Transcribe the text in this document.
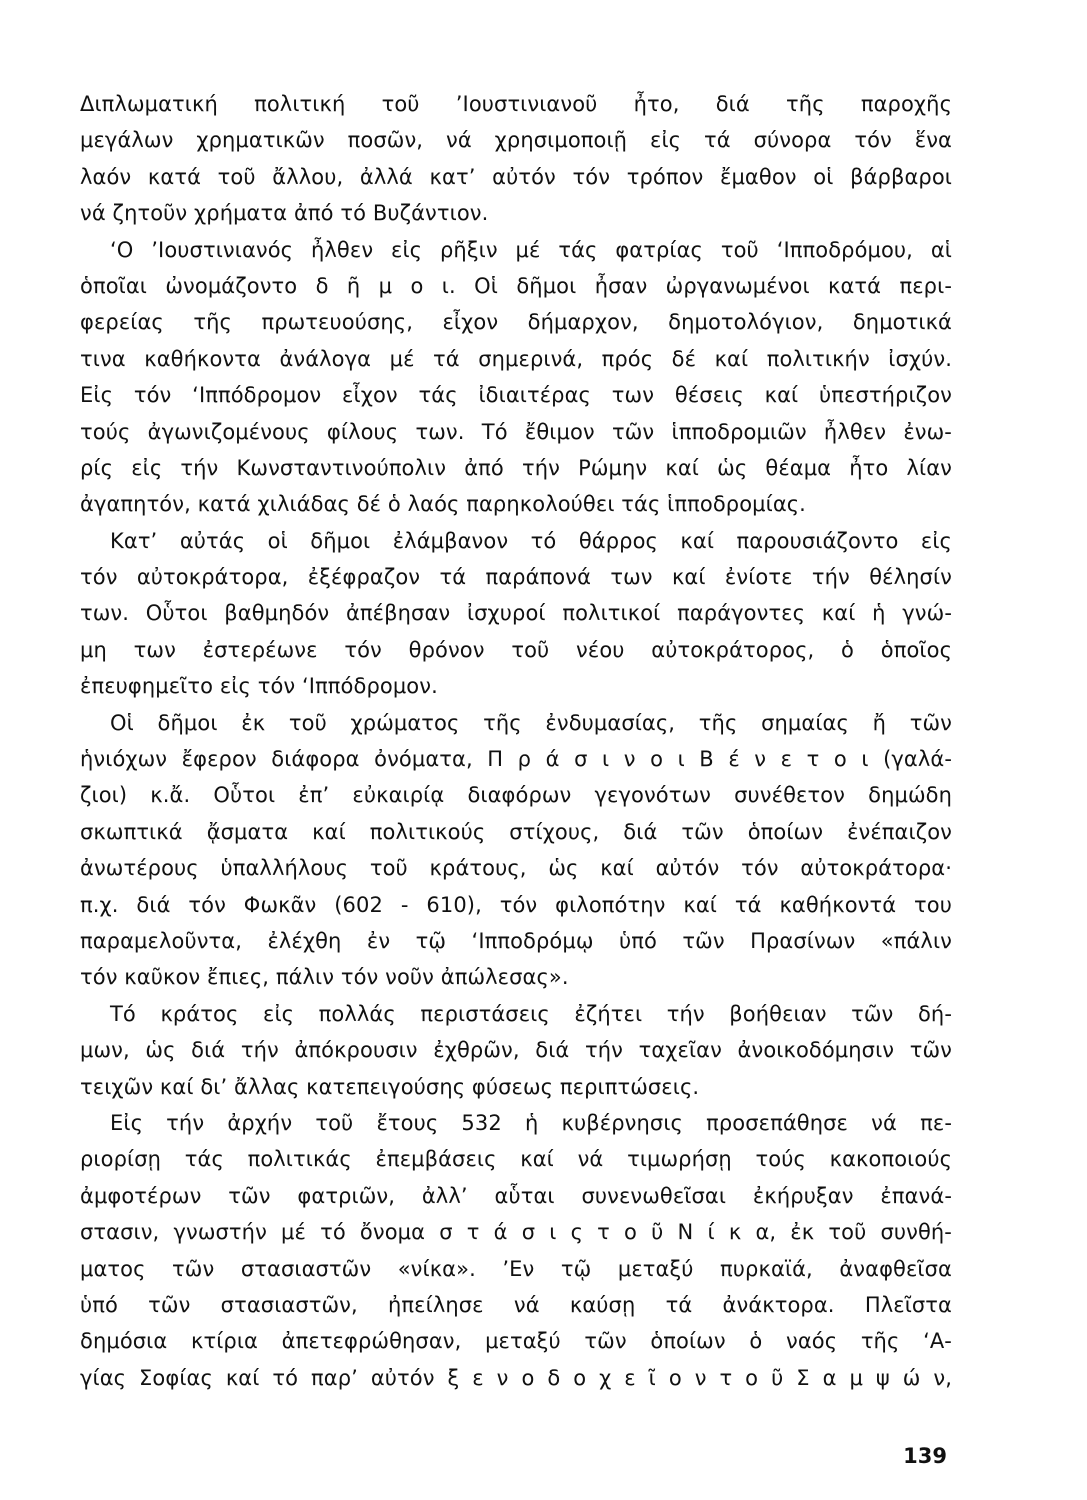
Διπλωματική πολιτική τοῦ ’Ιουστινιανοῦ ἦτο, διά τῆς παροχῆς
μεγάλων χρηματικῶν ποσῶν, νά χρησιμοποιῇ εἰς τά σύνορα τόν ἕνα
λαόν κατά τοῦ ἄλλου, ἀλλά κατ’ αὐτόν τόν τρόπον ἔμαθον οἱ βάρβαροι
νά ζητοῦν χρήματα ἀπό τό Βυζάντιον.
‘Ο ’Ιουστινιανός ἦλθεν εἰς ρῆξιν μέ τάς φατρίας τοῦ ‘Ιπποδρόμου, αἱ
ὁποῖαι ὠνομάζοντο δ ῆ μ ο ι. Οἱ δῆμοι ἦσαν ὠργανωμένοι κατά περι-
φερείας τῆς πρωτευούσης, εἶχον δήμαρχον, δημοτολόγιον, δημοτικά
τινα καθήκοντα ἀνάλογα μέ τά σημερινά, πρός δέ καί πολιτικήν ἰσχύν.
Εἰς τόν ‘Ιππόδρομον εἶχον τάς ἰδιαιτέρας των θέσεις καί ὑπεστήριζον
τούς ἀγωνιζομένους φίλους των. Τό ἔθιμον τῶν ἱπποδρομιῶν ἦλθεν ἐνω-
ρίς εἰς τήν Κωνσταντινούπολιν ἀπό τήν Ρώμην καί ὡς θέαμα ἦτο λίαν
ἀγαπητόν, κατά χιλιάδας δέ ὁ λαός παρηκολούθει τάς ἱπποδρομίας.
Κατ’ αὐτάς οἱ δῆμοι ἐλάμβανον τό θάρρος καί παρουσιάζοντο εἰς
τόν αὐτοκράτορα, ἐξέφραζον τά παράπονά των καί ἐνίοτε τήν θέλησίν
των. Οὗτοι βαθμηδόν ἀπέβησαν ἰσχυροί πολιτικοί παράγοντες καί ἡ γνώ-
μη των ἐστερέωνε τόν θρόνον τοῦ νέου αὐτοκράτορος, ὁ ὁποῖος
ἐπευφημεῖτο εἰς τόν ‘Ιππόδρομον.
Οἱ δῆμοι ἐκ τοῦ χρώματος τῆς ἐνδυμασίας, τῆς σημαίας ἤ τῶν
ἡνιόχων ἔφερον διάφορα ὀνόματα, Π ρ ά σ ι ν ο ι Β έ ν ε τ ο ι (γαλά-
ζιοι) κ.ἄ. Οὗτοι ἐπ’ εὐκαιρίᾳ διαφόρων γεγονότων συνέθετον δημώδη
σκωπτικά ᾄσματα καί πολιτικούς στίχους, διά τῶν ὁποίων ἐνέπαιζον
ἀνωτέρους ὑπαλλήλους τοῦ κράτους, ὡς καί αὐτόν τόν αὐτοκράτορα·
π.χ. διά τόν Φωκᾶν (602 - 610), τόν φιλοπότην καί τά καθήκοντά του
παραμελοῦντα, ἐλέχθη ἐν τῷ ‘Ιπποδρόμῳ ὑπό τῶν Πρασίνων «πάλιν
τόν καῦκον ἔπιες, πάλιν τόν νοῦν ἀπώλεσας».
Τό κράτος εἰς πολλάς περιστάσεις ἐζήτει τήν βοήθειαν τῶν δή-
μων, ὡς διά τήν ἀπόκρουσιν ἐχθρῶν, διά τήν ταχεῖαν ἀνοικοδόμησιν τῶν
τειχῶν καί δι’ ἄλλας κατεπειγούσης φύσεως περιπτώσεις.
Εἰς τήν ἀρχήν τοῦ ἔτους 532 ἡ κυβέρνησις προσεπάθησε νά πε-
ριορίσῃ τάς πολιτικάς ἐπεμβάσεις καί νά τιμωρήσῃ τούς κακοποιούς
ἀμφοτέρων τῶν φατριῶν, ἀλλ’ αὗται συνενωθεῖσαι ἐκήρυξαν ἐπανά-
στασιν, γνωστήν μέ τό ὄνομα σ τ ά σ ι ς τ ο ῦ Ν ί κ α, ἐκ τοῦ συνθή-
ματος τῶν στασιαστῶν «νίκα». ’Εν τῷ μεταξύ πυρκαϊά, ἀναφθεῖσα
ὑπό τῶν στασιαστῶν, ἠπείλησε νά καύσῃ τά ἀνάκτορα. Πλεῖστα
δημόσια κτίρια ἀπετεφρώθησαν, μεταξύ τῶν ὁποίων ὁ ναός τῆς ‘Α-
γίας Σοφίας καί τό παρ’ αὐτόν ξ ε ν ο δ ο χ ε ῖ ο ν τ ο ῦ Σ α μ ψ ώ ν,
139
